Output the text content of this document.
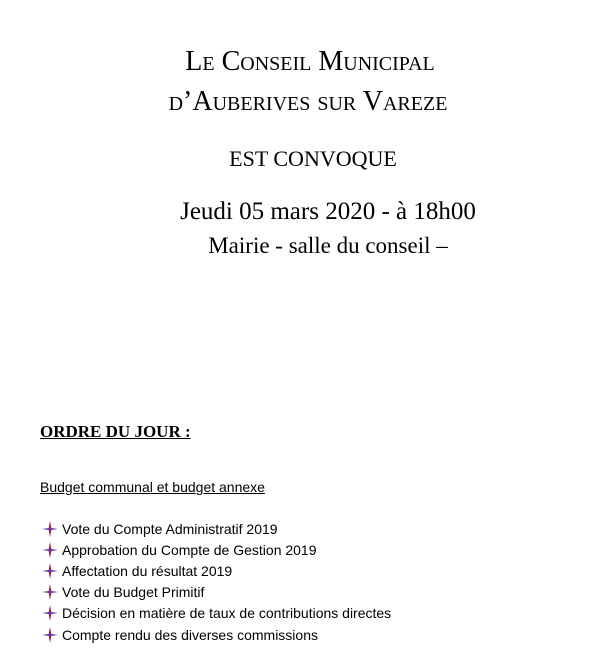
Le Conseil Municipal
d’Auberives sur Vareze
EST CONVOQUE
Jeudi 05 mars 2020 - à 18h00
Mairie - salle du conseil –
ORDRE DU JOUR :
Budget communal et budget annexe
Vote du Compte Administratif 2019
Approbation du Compte de Gestion 2019
Affectation du résultat 2019
Vote du Budget Primitif
Décision en matière de taux de contributions directes
Compte rendu des diverses commissions
